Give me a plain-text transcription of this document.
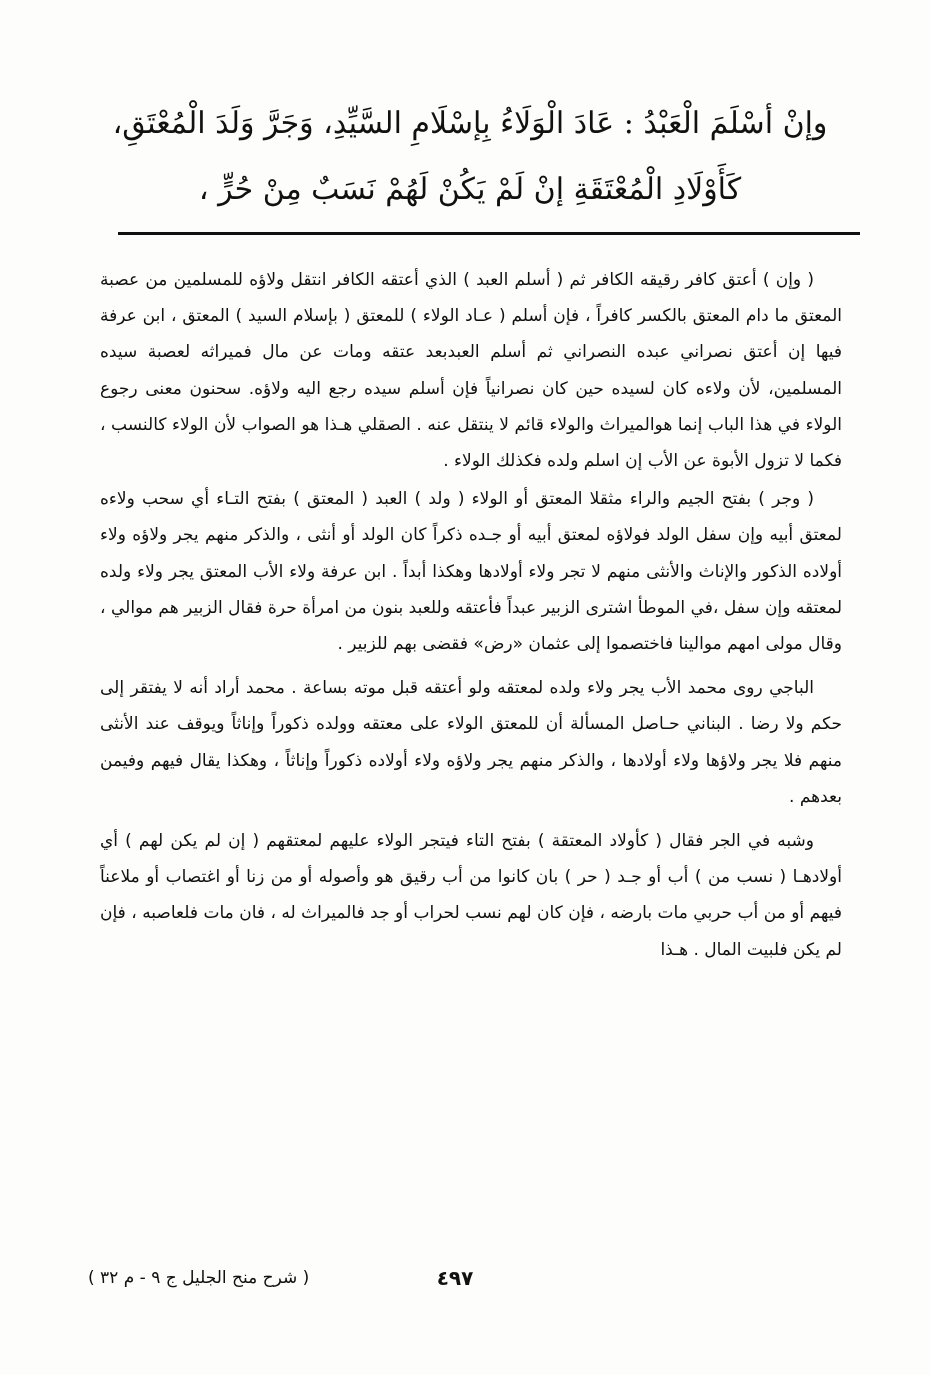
وإنْ أسْلَمَ الْعَبْدُ : عَادَ الْوَلَاءُ بِإسْلَامِ السَّيِّدِ، وَجَرَّ وَلَدَ الْمُعْتَقِ،
كَأَوْلَادِ الْمُعْتَقَةِ إنْ لَمْ يَكُنْ لَهُمْ نَسَبٌ مِنْ حُرٍّ ،

( وإن ) أعتق كافر رقيقه الكافر ثم ( أسلم العبد ) الذي أعتقه الكافر انتقل ولاؤه للمسلمين من عصبة المعتق ما دام المعتق بالكسر كافراً ، فإن أسلم ( عـاد الولاء ) للمعتق ( بإسلام السيد ) المعتق ، ابن عرفة فيها إن أعتق نصراني عبده النصراني ثم أسلم العبدبعد عتقه ومات عن مال فميراثه لعصبة سيده المسلمين، لأن ولاءه كان لسيده حين كان نصرانياً فإن أسلم سيده رجع اليه ولاؤه. سحنون معنى رجوع الولاء في هذا الباب إنما هوالميراث والولاء قائم لا ينتقل عنه . الصقلي هـذا هو الصواب لأن الولاء كالنسب ، فكما لا تزول الأبوة عن الأب إن اسلم ولده فكذلك الولاء .

( وجر ) بفتح الجيم والراء مثقلا المعتق أو الولاء ( ولد ) العبد ( المعتق ) بفتح التـاء أي سحب ولاءه لمعتق أبيه وإن سفل الولد فولاؤه لمعتق أبيه أو جـده ذكراً كان الولد أو أنثى ، والذكر منهم يجر ولاؤه ولاء أولاده الذكور والإناث والأنثى منهم لا تجر ولاء أولادها وهكذا أبداً . ابن عرفة ولاء الأب المعتق يجر ولاء ولده لمعتقه وإن سفل ،في الموطأ اشترى الزبير عبداً فأعتقه وللعبد بنون من امرأة حرة فقال الزبير هم موالي ، وقال مولى امهم موالينا فاختصموا إلى عثمان «رض» فقضى بهم للزبير .

الباجي روى محمد الأب يجر ولاء ولده لمعتقه ولو أعتقه قبل موته بساعة . محمد أراد أنه لا يفتقر إلى حكم ولا رضا . البناني حـاصل المسألة أن للمعتق الولاء على معتقه وولده ذكوراً وإناثاً ويوقف عند الأنثى منهم فلا يجر ولاؤها ولاء أولادها ، والذكر منهم يجر ولاؤه ولاء أولاده ذكوراً وإناثاً ، وهكذا يقال فيهم وفيمن بعدهم .

وشبه في الجر فقال ( كأولاد المعتقة ) بفتح التاء فيتجر الولاء عليهم لمعتقهم ( إن لم يكن لهم ) أي أولادهـا ( نسب من ) أب أو جـد ( حر ) بان كانوا من أب رقيق هو وأصوله أو من زنا أو اغتصاب أو ملاعناً فيهم أو من أب حربي مات بارضه ، فإن كان لهم نسب لحراب أو جد فالميراث له ، فان مات فلعاصبه ، فإن لم يكن فلبيت المال . هـذا

٤٩٧
( شرح منح الجليل ج ٩ - م ٣٢ )
